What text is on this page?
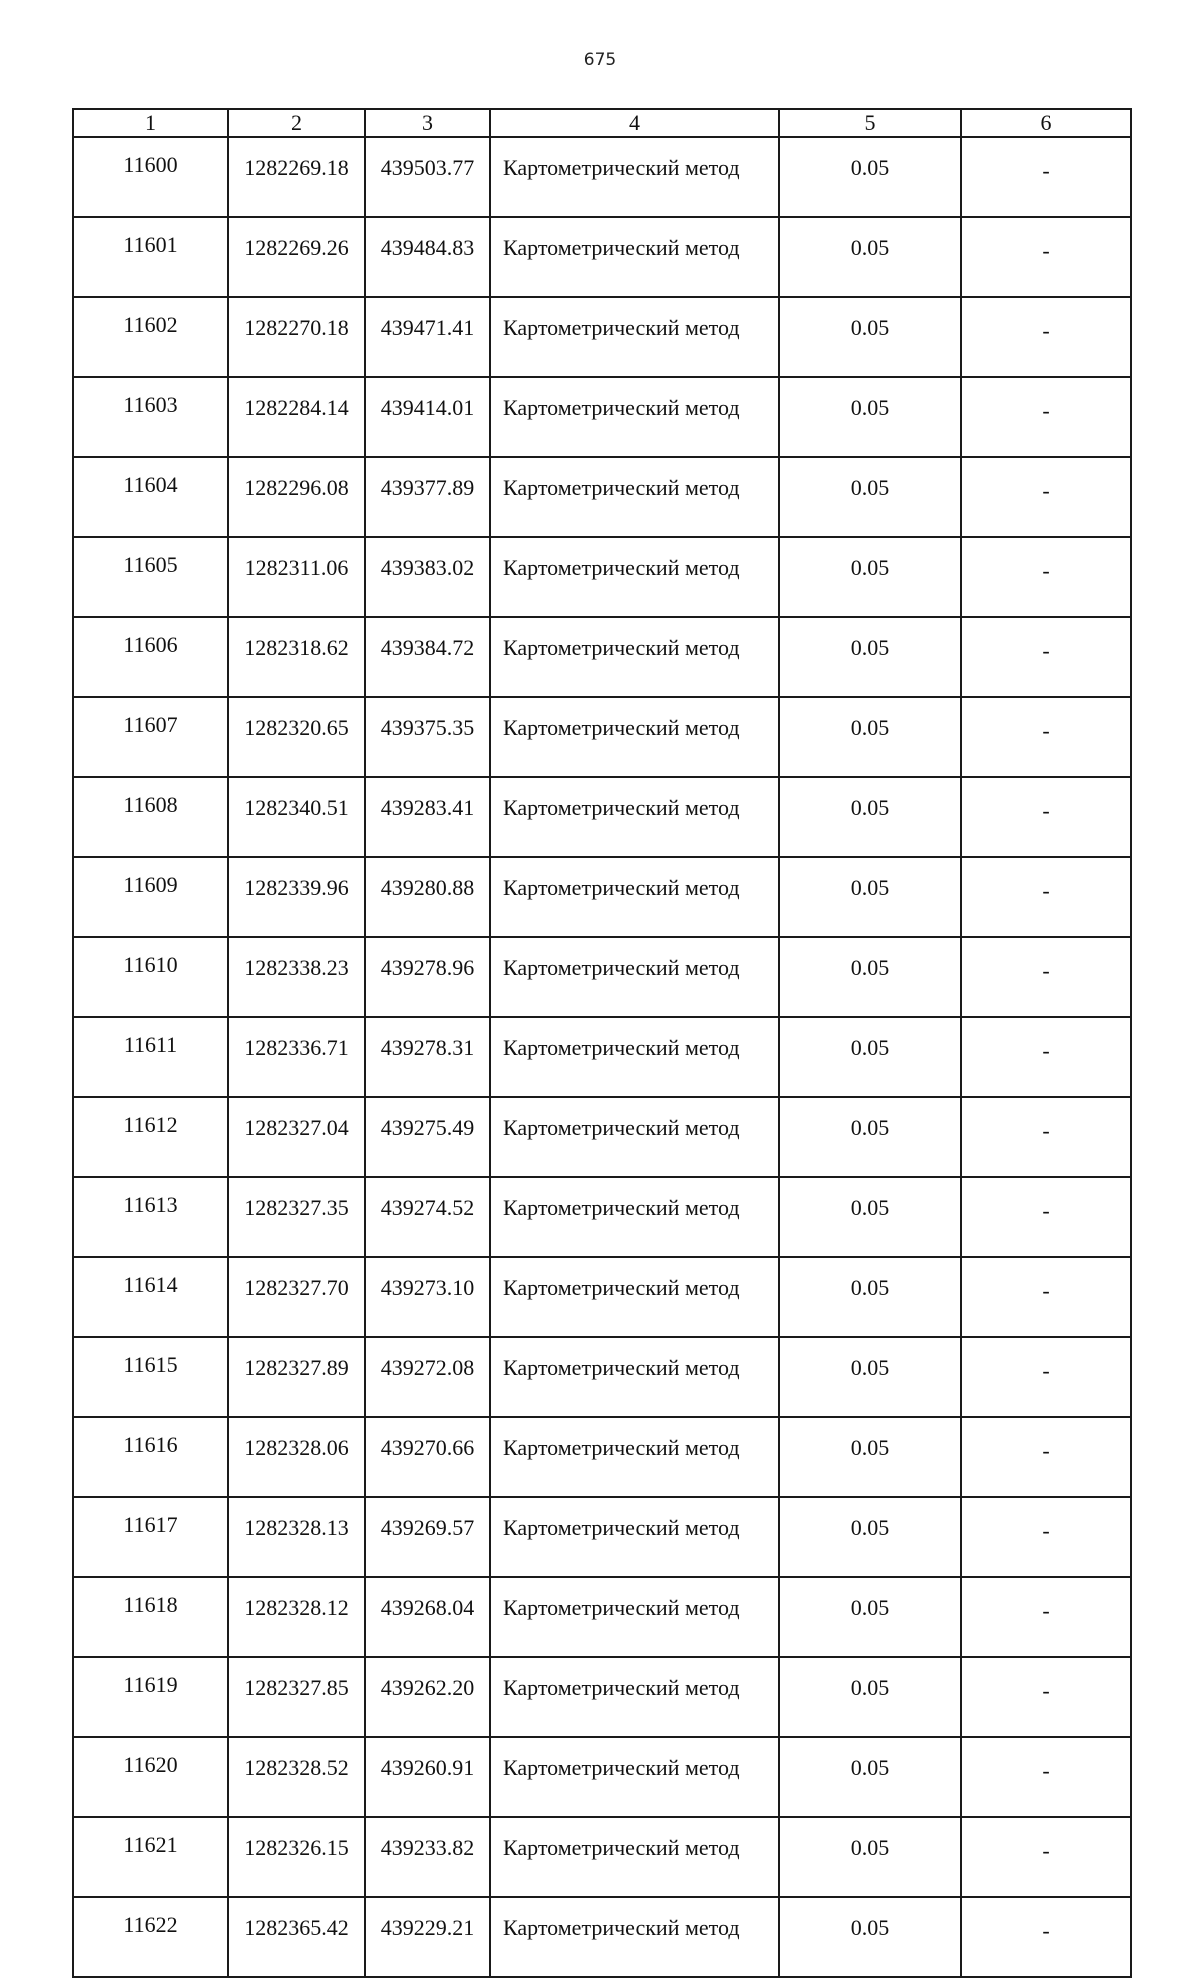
675
1	2	3	4	5	6
11600	1282269.18	439503.77	Картометрический метод	0.05	-
11601	1282269.26	439484.83	Картометрический метод	0.05	-
11602	1282270.18	439471.41	Картометрический метод	0.05	-
11603	1282284.14	439414.01	Картометрический метод	0.05	-
11604	1282296.08	439377.89	Картометрический метод	0.05	-
11605	1282311.06	439383.02	Картометрический метод	0.05	-
11606	1282318.62	439384.72	Картометрический метод	0.05	-
11607	1282320.65	439375.35	Картометрический метод	0.05	-
11608	1282340.51	439283.41	Картометрический метод	0.05	-
11609	1282339.96	439280.88	Картометрический метод	0.05	-
11610	1282338.23	439278.96	Картометрический метод	0.05	-
11611	1282336.71	439278.31	Картометрический метод	0.05	-
11612	1282327.04	439275.49	Картометрический метод	0.05	-
11613	1282327.35	439274.52	Картометрический метод	0.05	-
11614	1282327.70	439273.10	Картометрический метод	0.05	-
11615	1282327.89	439272.08	Картометрический метод	0.05	-
11616	1282328.06	439270.66	Картометрический метод	0.05	-
11617	1282328.13	439269.57	Картометрический метод	0.05	-
11618	1282328.12	439268.04	Картометрический метод	0.05	-
11619	1282327.85	439262.20	Картометрический метод	0.05	-
11620	1282328.52	439260.91	Картометрический метод	0.05	-
11621	1282326.15	439233.82	Картометрический метод	0.05	-
11622	1282365.42	439229.21	Картометрический метод	0.05	-
